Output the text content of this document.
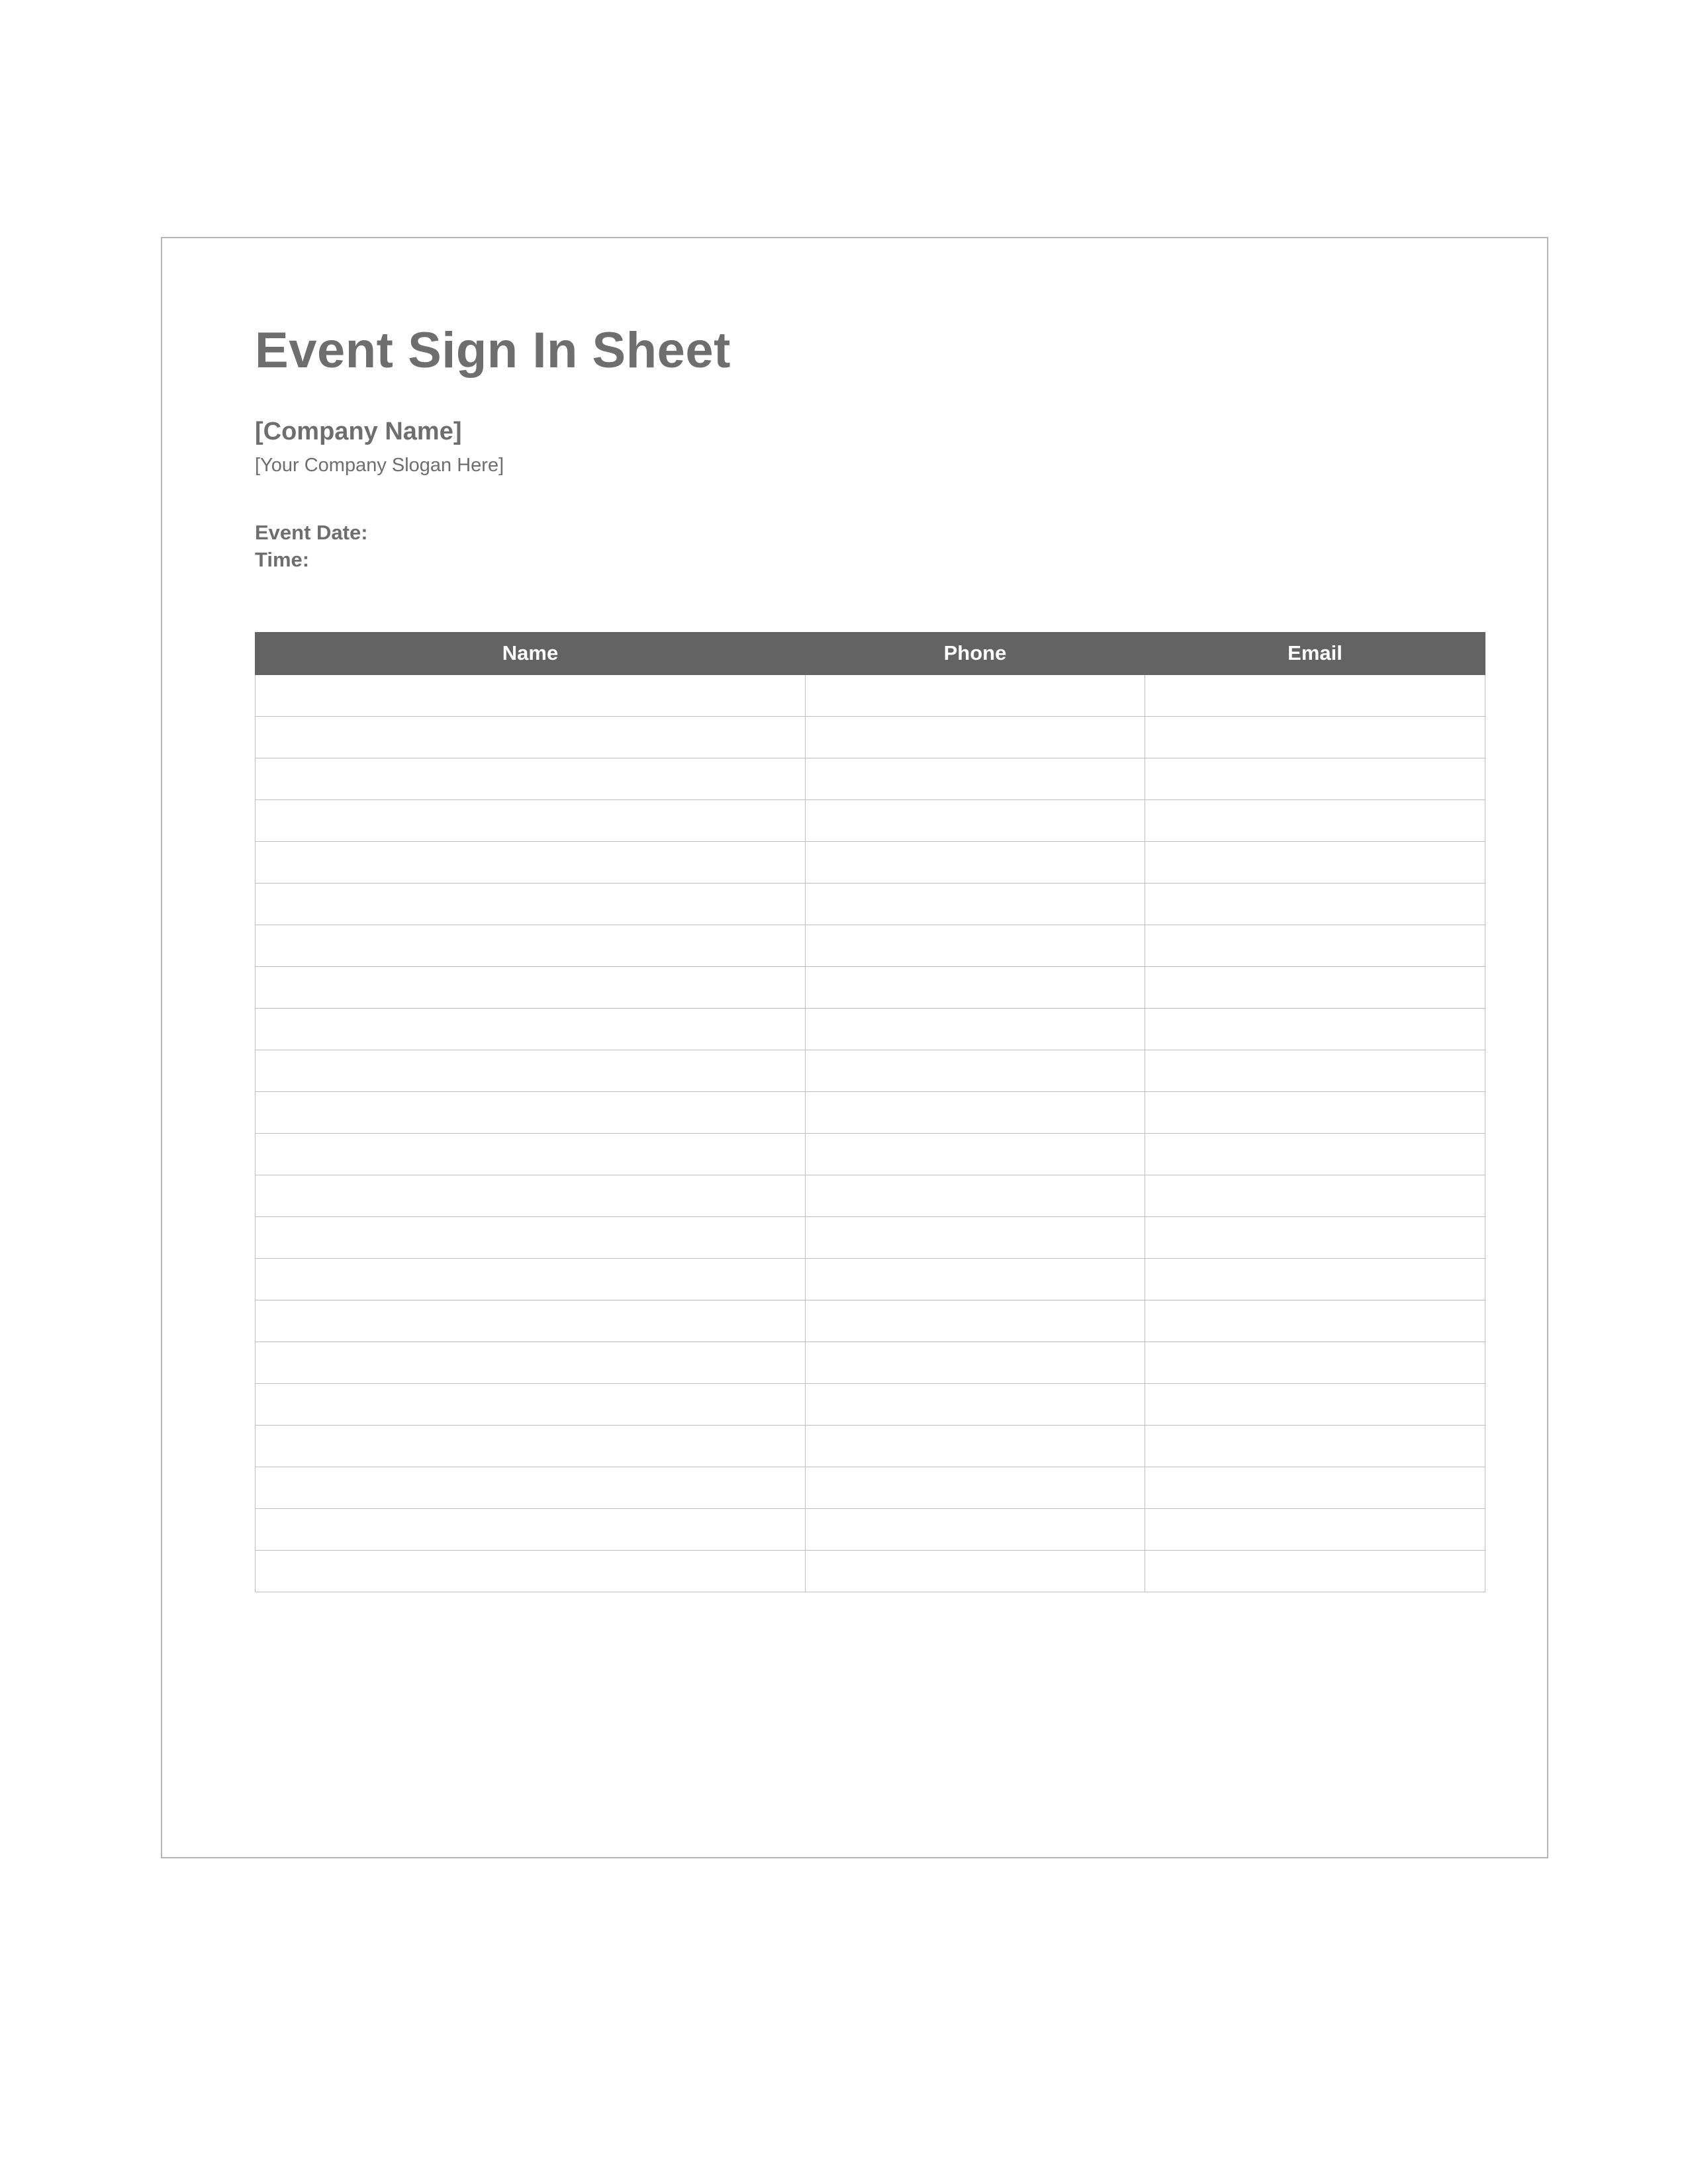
Event Sign In Sheet
[Company Name]
[Your Company Slogan Here]
Event Date:
Time:
Name	Phone	Email
